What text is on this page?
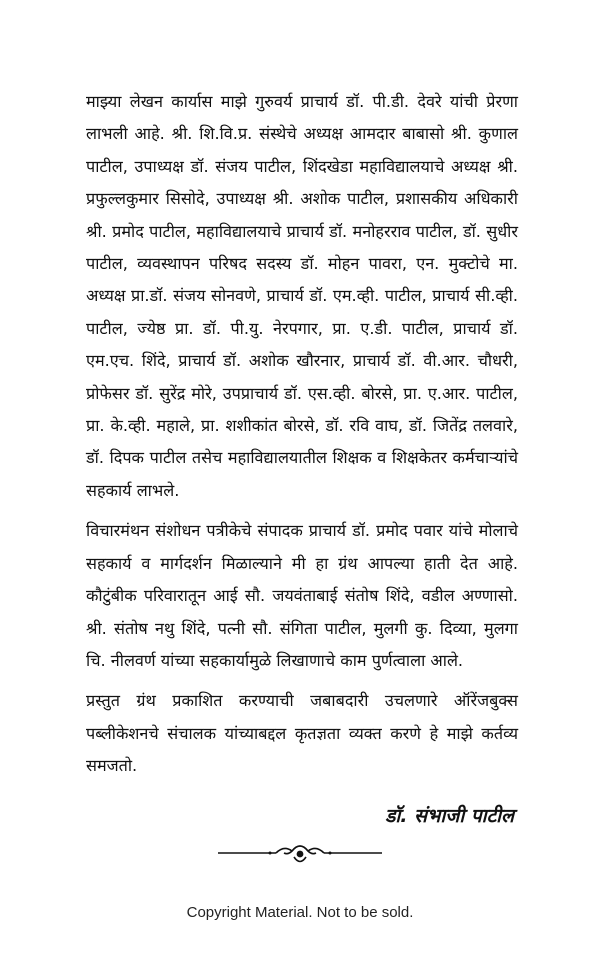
माझ्या लेखन कार्यास माझे गुरुवर्य प्राचार्य डॉ. पी.डी. देवरे यांची प्रेरणा लाभली आहे. श्री. शि.वि.प्र. संस्थेचे अध्यक्ष आमदार बाबासो श्री. कुणाल पाटील, उपाध्यक्ष डॉ. संजय पाटील, शिंदखेडा महाविद्यालयाचे अध्यक्ष श्री. प्रफुल्लकुमार सिसोदे, उपाध्यक्ष श्री. अशोक पाटील, प्रशासकीय अधिकारी श्री. प्रमोद पाटील, महाविद्यालयाचे प्राचार्य डॉ. मनोहरराव पाटील, डॉ. सुधीर पाटील, व्यवस्थापन परिषद सदस्य डॉ. मोहन पावरा, एन. मुक्टोचे मा. अध्यक्ष प्रा.डॉ. संजय सोनवणे, प्राचार्य डॉ. एम.व्ही. पाटील, प्राचार्य सी.व्ही. पाटील, ज्येष्ठ प्रा. डॉ. पी.यु. नेरपगार, प्रा. ए.डी. पाटील, प्राचार्य डॉ. एम.एच. शिंदे, प्राचार्य डॉ. अशोक खौरनार, प्राचार्य डॉ. वी.आर. चौधरी, प्रोफेसर डॉ. सुरेंद्र मोरे, उपप्राचार्य डॉ. एस.व्ही. बोरसे, प्रा. ए.आर. पाटील, प्रा. के.व्ही. महाले, प्रा. शशीकांत बोरसे, डॉ. रवि वाघ, डॉ. जितेंद्र तलवारे, डॉ. दिपक पाटील तसेच महाविद्यालयातील शिक्षक व शिक्षकेतर कर्मचाऱ्यांचे सहकार्य लाभले.

विचारमंथन संशोधन पत्रीकेचे संपादक प्राचार्य डॉ. प्रमोद पवार यांचे मोलाचे सहकार्य व मार्गदर्शन मिळाल्याने मी हा ग्रंथ आपल्या हाती देत आहे. कौटुंबीक परिवारातून आई सौ. जयवंताबाई संतोष शिंदे, वडील अण्णासो. श्री. संतोष नथु शिंदे, पत्नी सौ. संगिता पाटील, मुलगी कु. दिव्या, मुलगा चि. नीलवर्ण यांच्या सहकार्यामुळे लिखाणाचे काम पुर्णत्वाला आले.

प्रस्तुत ग्रंथ प्रकाशित करण्याची जबाबदारी उचलणारे ऑरेंजबुक्स पब्लीकेशनचे संचालक यांच्याबद्दल कृतज्ञता व्यक्त करणे हे माझे कर्तव्य समजतो.

डॉ. संभाजी पाटील
Copyright Material. Not to be sold.
